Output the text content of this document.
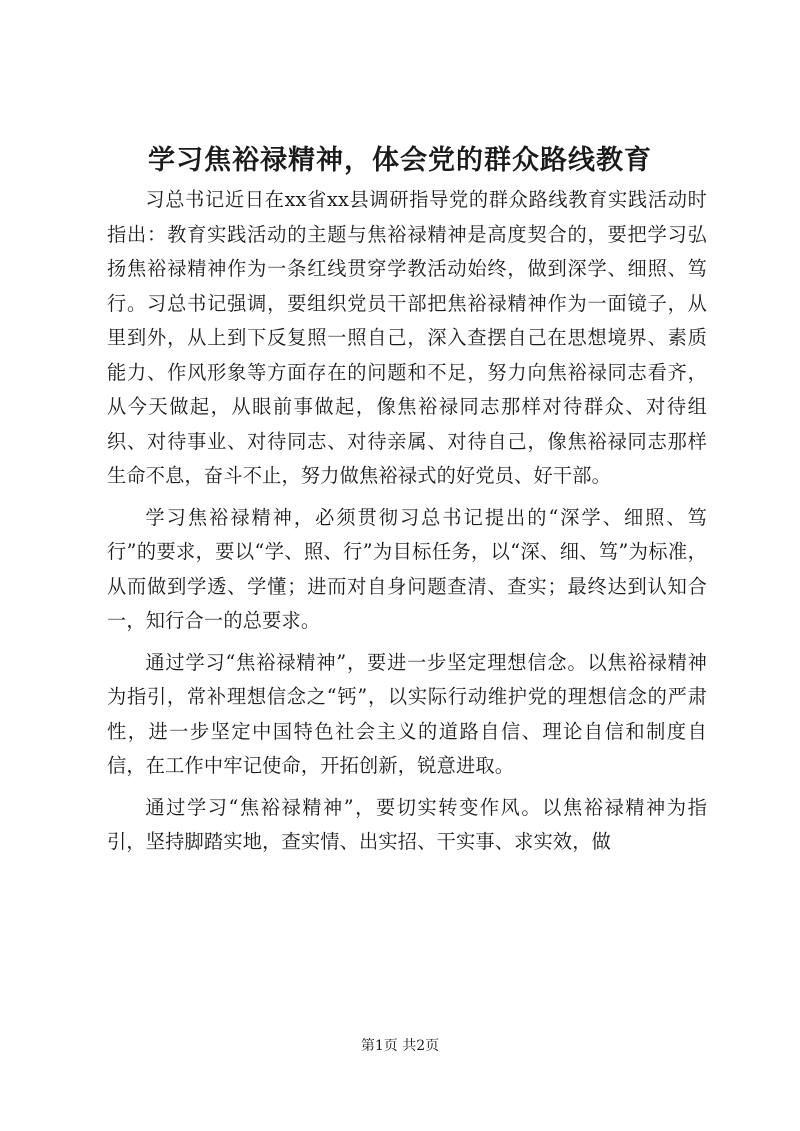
学习焦裕禄精神，体会党的群众路线教育

习总书记近日在xx省xx县调研指导党的群众路线教育实践活动时指出：教育实践活动的主题与焦裕禄精神是高度契合的，要把学习弘扬焦裕禄精神作为一条红线贯穿学教活动始终，做到深学、细照、笃行。习总书记强调，要组织党员干部把焦裕禄精神作为一面镜子，从里到外，从上到下反复照一照自己，深入查摆自己在思想境界、素质能力、作风形象等方面存在的问题和不足，努力向焦裕禄同志看齐，从今天做起，从眼前事做起，像焦裕禄同志那样对待群众、对待组织、对待事业、对待同志、对待亲属、对待自己，像焦裕禄同志那样生命不息，奋斗不止，努力做焦裕禄式的好党员、好干部。

学习焦裕禄精神，必须贯彻习总书记提出的“深学、细照、笃行”的要求，要以“学、照、行”为目标任务，以“深、细、笃”为标准，从而做到学透、学懂；进而对自身问题查清、查实；最终达到认知合一，知行合一的总要求。

通过学习“焦裕禄精神”，要进一步坚定理想信念。以焦裕禄精神为指引，常补理想信念之“钙”，以实际行动维护党的理想信念的严肃性，进一步坚定中国特色社会主义的道路自信、理论自信和制度自信，在工作中牢记使命，开拓创新，锐意进取。

通过学习“焦裕禄精神”，要切实转变作风。以焦裕禄精神为指引，坚持脚踏实地，查实情、出实招、干实事、求实效，做

第1页 共2页
